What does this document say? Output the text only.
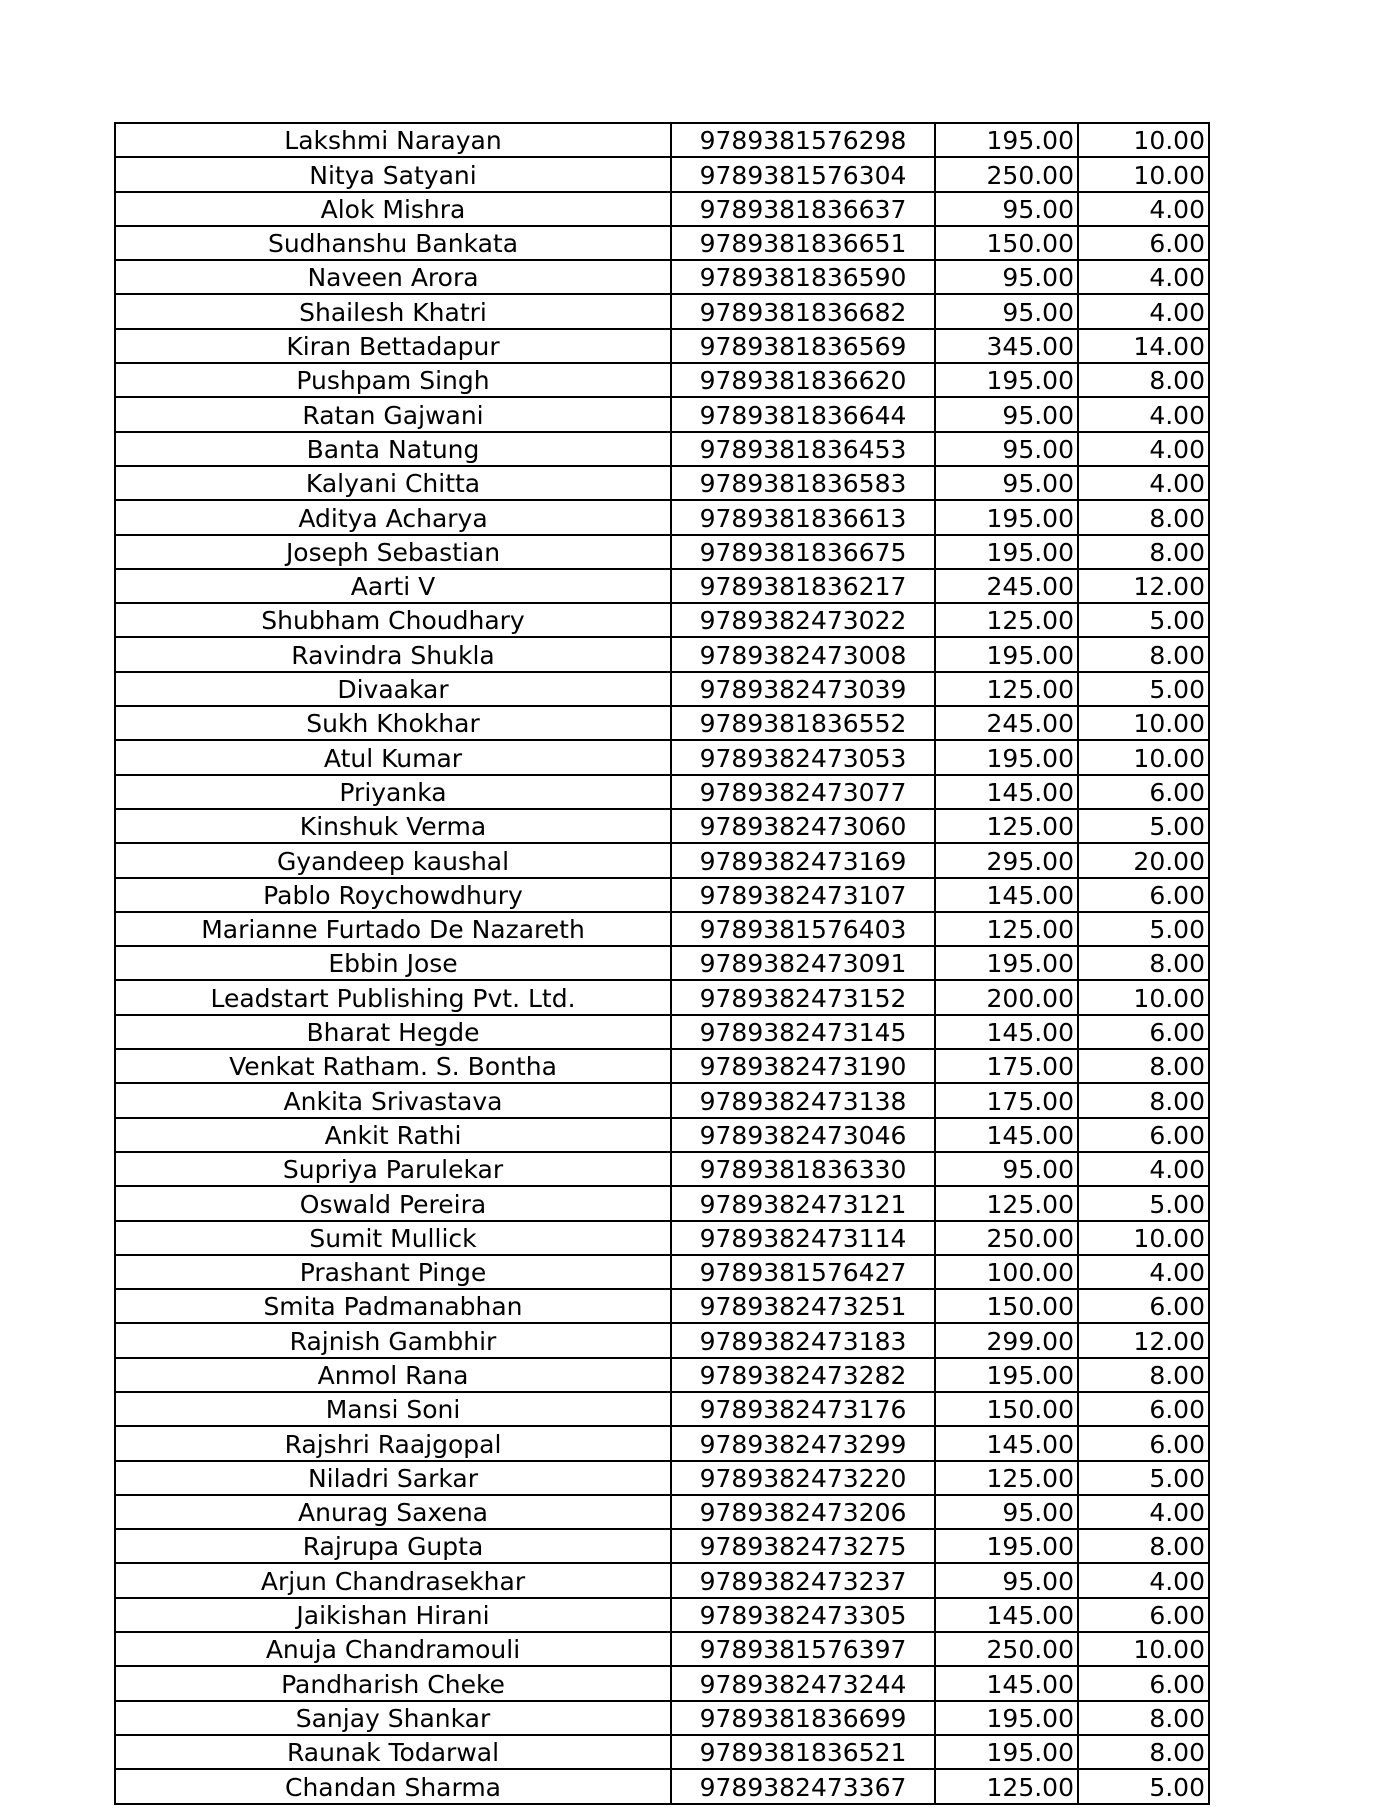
Lakshmi Narayan	9789381576298	195.00	10.00
Nitya Satyani	9789381576304	250.00	10.00
Alok Mishra	9789381836637	95.00	4.00
Sudhanshu Bankata	9789381836651	150.00	6.00
Naveen Arora	9789381836590	95.00	4.00
Shailesh Khatri	9789381836682	95.00	4.00
Kiran Bettadapur	9789381836569	345.00	14.00
Pushpam Singh	9789381836620	195.00	8.00
Ratan Gajwani	9789381836644	95.00	4.00
Banta Natung	9789381836453	95.00	4.00
Kalyani Chitta	9789381836583	95.00	4.00
Aditya Acharya	9789381836613	195.00	8.00
Joseph Sebastian	9789381836675	195.00	8.00
Aarti V	9789381836217	245.00	12.00
Shubham Choudhary	9789382473022	125.00	5.00
Ravindra Shukla	9789382473008	195.00	8.00
Divaakar	9789382473039	125.00	5.00
Sukh Khokhar	9789381836552	245.00	10.00
Atul Kumar	9789382473053	195.00	10.00
Priyanka	9789382473077	145.00	6.00
Kinshuk Verma	9789382473060	125.00	5.00
Gyandeep kaushal	9789382473169	295.00	20.00
Pablo Roychowdhury	9789382473107	145.00	6.00
Marianne Furtado De Nazareth	9789381576403	125.00	5.00
Ebbin Jose	9789382473091	195.00	8.00
Leadstart Publishing Pvt. Ltd.	9789382473152	200.00	10.00
Bharat Hegde	9789382473145	145.00	6.00
Venkat Ratham. S. Bontha	9789382473190	175.00	8.00
Ankita Srivastava	9789382473138	175.00	8.00
Ankit Rathi	9789382473046	145.00	6.00
Supriya Parulekar	9789381836330	95.00	4.00
Oswald Pereira	9789382473121	125.00	5.00
Sumit Mullick	9789382473114	250.00	10.00
Prashant Pinge	9789381576427	100.00	4.00
Smita Padmanabhan	9789382473251	150.00	6.00
Rajnish Gambhir	9789382473183	299.00	12.00
Anmol Rana	9789382473282	195.00	8.00
Mansi Soni	9789382473176	150.00	6.00
Rajshri Raajgopal	9789382473299	145.00	6.00
Niladri Sarkar	9789382473220	125.00	5.00
Anurag Saxena	9789382473206	95.00	4.00
Rajrupa Gupta	9789382473275	195.00	8.00
Arjun Chandrasekhar	9789382473237	95.00	4.00
Jaikishan Hirani	9789382473305	145.00	6.00
Anuja Chandramouli	9789381576397	250.00	10.00
Pandharish Cheke	9789382473244	145.00	6.00
Sanjay Shankar	9789381836699	195.00	8.00
Raunak Todarwal	9789381836521	195.00	8.00
Chandan Sharma	9789382473367	125.00	5.00
